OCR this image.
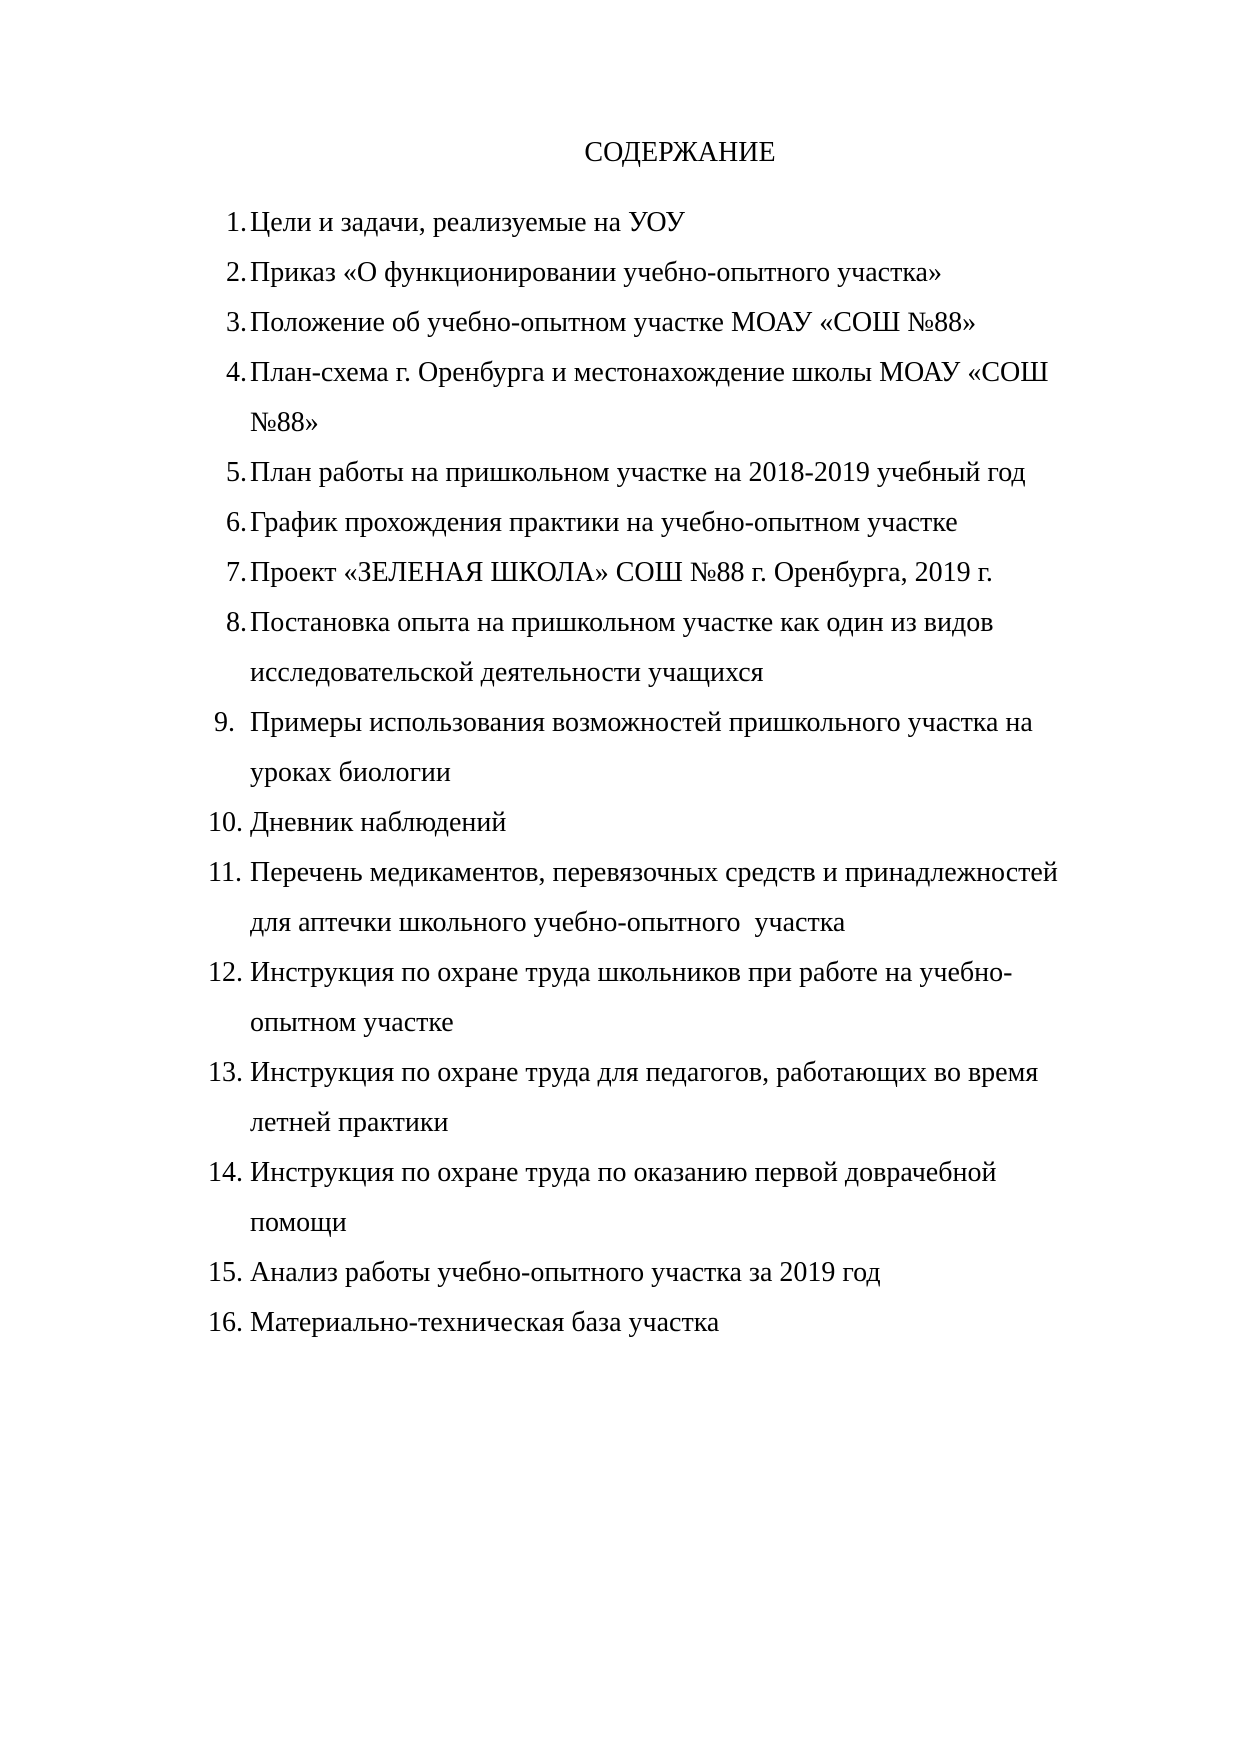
СОДЕРЖАНИЕ
1. Цели и задачи, реализуемые на УОУ
2. Приказ «О функционировании учебно-опытного участка»
3. Положение об учебно-опытном участке МОАУ «СОШ №88»
4. План-схема г. Оренбурга и местонахождение школы МОАУ «СОШ
№88»
5. План работы на пришкольном участке на 2018-2019 учебный год
6. График прохождения практики на учебно-опытном участке
7. Проект «ЗЕЛЕНАЯ ШКОЛА» СОШ №88 г. Оренбурга, 2019 г.
8. Постановка опыта на пришкольном участке как один из видов
исследовательской деятельности учащихся
9. Примеры использования возможностей пришкольного участка на
уроках биологии
10. Дневник наблюдений
11. Перечень медикаментов, перевязочных средств и принадлежностей
для аптечки школьного учебно-опытного  участка
12. Инструкция по охране труда школьников при работе на учебно-
опытном участке
13. Инструкция по охране труда для педагогов, работающих во время
летней практики
14. Инструкция по охране труда по оказанию первой доврачебной
помощи
15. Анализ работы учебно-опытного участка за 2019 год
16. Материально-техническая база участка
